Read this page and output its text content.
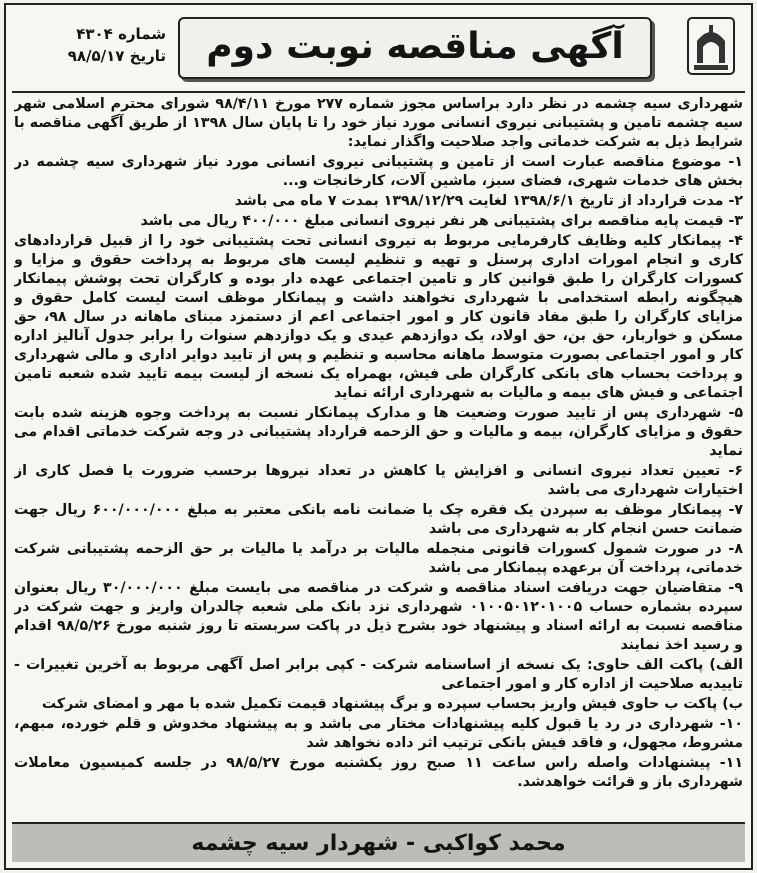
آگهی مناقصه نوبت دوم
شماره ۴۳۰۴
تاریخ ۹۸/۵/۱۷

شهرداری سیه چشمه در نظر دارد براساس مجوز شماره ۲۷۷ مورخ ۹۸/۴/۱۱ شورای محترم اسلامی شهر سیه چشمه تامین و پشتیبانی نیروی انسانی مورد نیاز خود را تا پایان سال ۱۳۹۸ از طریق آگهی مناقصه با شرایط ذیل به شرکت خدماتی واجد صلاحیت واگذار نماید:

۱- موضوع مناقصه عبارت است از تامین و پشتیبانی نیروی انسانی مورد نیاز شهرداری سیه چشمه در بخش های خدمات شهری، فضای سبز، ماشین آلات، کارخانجات و...

۲- مدت قرارداد از تاریخ ۱۳۹۸/۶/۱ لغایت ۱۳۹۸/۱۲/۲۹ بمدت ۷ ماه می باشد

۳- قیمت پایه مناقصه برای پشتیبانی هر نفر نیروی انسانی مبلغ ۴۰۰/۰۰۰ ریال می باشد

۴- پیمانکار کلیه وظایف کارفرمایی مربوط به نیروی انسانی تحت پشتیبانی خود را از قبیل قراردادهای کاری و انجام امورات اداری پرسنل و تهیه و تنظیم لیست های مربوط به پرداخت حقوق و مزایا و کسورات کارگران را طبق قوانین کار و تامین اجتماعی عهده دار بوده و کارگران تحت پوشش پیمانکار هیچگونه رابطه استخدامی با شهرداری نخواهند داشت و پیمانکار موظف است لیست کامل حقوق و مزایای کارگران را طبق مفاد قانون کار و امور اجتماعی اعم از دستمزد مبنای ماهانه در سال ۹۸، حق مسکن و خواربار، حق بن، حق اولاد، یک دوازدهم عیدی و یک دوازدهم سنوات را برابر جدول آنالیز اداره کار و امور اجتماعی بصورت متوسط ماهانه محاسبه و تنظیم و پس از تایید دوایر اداری و مالی شهرداری و پرداخت بحساب های بانکی کارگران طی فیش، بهمراه یک نسخه از لیست بیمه تایید شده شعبه تامین اجتماعی و فیش های بیمه و مالیات به شهرداری ارائه نماید

۵- شهرداری پس از تایید صورت وضعیت ها و مدارک پیمانکار نسبت به پرداخت وجوه هزینه شده بابت حقوق و مزایای کارگران، بیمه و مالیات و حق الزحمه قرارداد پشتیبانی در وجه شرکت خدماتی اقدام می نماید

۶- تعیین تعداد نیروی انسانی و افزایش یا کاهش در تعداد نیروها برحسب ضرورت یا فصل کاری از اختیارات شهرداری می باشد

۷- پیمانکار موظف به سپردن یک فقره چک یا ضمانت نامه بانکی معتبر به مبلغ ۶۰۰/۰۰۰/۰۰۰ ریال جهت ضمانت حسن انجام کار به شهرداری می باشد

۸- در صورت شمول کسورات قانونی منجمله مالیات بر درآمد یا مالیات بر حق الزحمه پشتیبانی شرکت خدماتی، پرداخت آن برعهده پیمانکار می باشد

۹- متقاضیان جهت دریافت اسناد مناقصه و شرکت در مناقصه می بایست مبلغ ۳۰/۰۰۰/۰۰۰ ریال بعنوان سپرده بشماره حساب ۰۱۰۰۵۰۱۲۰۱۰۰۵ شهرداری نزد بانک ملی شعبه چالدران واریز و جهت شرکت در مناقصه نسبت به ارائه اسناد و پیشنهاد خود بشرح ذیل در پاکت سربسته تا روز شنبه مورخ ۹۸/۵/۲۶ اقدام و رسید اخذ نمایند

الف) پاکت الف حاوی: یک نسخه از اساسنامه شرکت - کپی برابر اصل آگهی مربوط به آخرین تغییرات - تاییدیه صلاحیت از اداره کار و امور اجتماعی

ب) پاکت ب حاوی فیش واریز بحساب سپرده و برگ پیشنهاد قیمت تکمیل شده با مهر و امضای شرکت

۱۰- شهرداری در رد یا قبول کلیه پیشنهادات مختار می باشد و به پیشنهاد مخدوش و قلم خورده، مبهم، مشروط، مجهول، و فاقد فیش بانکی ترتیب اثر داده نخواهد شد

۱۱- پیشنهادات واصله راس ساعت ۱۱ صبح روز یکشنبه مورخ ۹۸/۵/۲۷ در جلسه کمیسیون معاملات شهرداری باز و قرائت خواهدشد.

محمد کواکبی - شهردار سیه چشمه
